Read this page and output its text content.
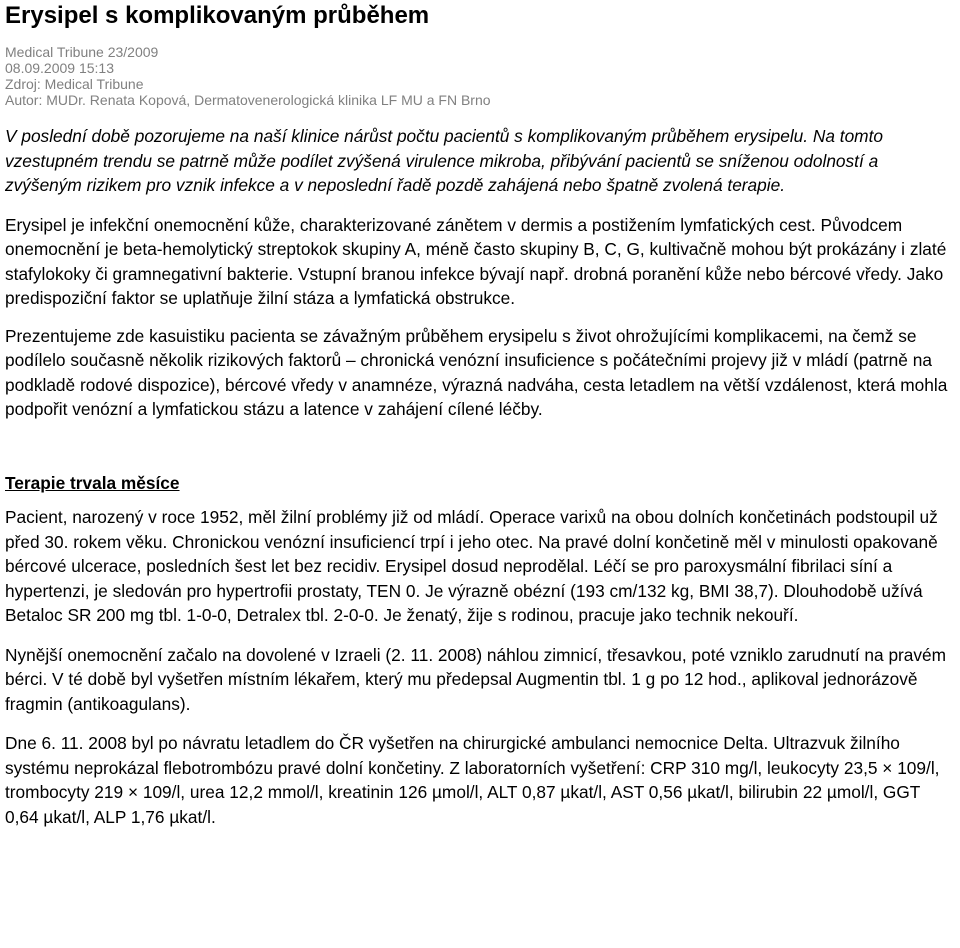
Erysipel s komplikovaným průběhem
Medical Tribune 23/2009
08.09.2009 15:13
Zdroj: Medical Tribune
Autor: MUDr. Renata Kopová, Dermatovenerologická klinika LF MU a FN Brno

V poslední době pozorujeme na naší klinice nárůst počtu pacientů s komplikovaným průběhem erysipelu. Na tomto vzestupném trendu se patrně může podílet zvýšená virulence mikroba, přibývání pacientů se sníženou odolností a zvýšeným rizikem pro vznik infekce a v neposlední řadě pozdě zahájená nebo špatně zvolená terapie.

Erysipel je infekční onemocnění kůže, charakterizované zánětem v dermis a postižením lymfatických cest. Původcem onemocnění je beta-hemolytický streptokok skupiny A, méně často skupiny B, C, G, kultivačně mohou být prokázány i zlaté stafylokoky či gramnegativní bakterie. Vstupní branou infekce bývají např. drobná poranění kůže nebo bércové vředy. Jako predispoziční faktor se uplatňuje žilní stáza a lymfatická obstrukce.

Prezentujeme zde kasuistiku pacienta se závažným průběhem erysipelu s život ohrožujícími komplikacemi, na čemž se podílelo současně několik rizikových faktorů – chronická venózní insuficience s počátečními projevy již v mládí (patrně na podkladě rodové dispozice), bércové vředy v anamnéze, výrazná nadváha, cesta letadlem na větší vzdálenost, která mohla podpořit venózní a lymfatickou stázu a latence v zahájení cílené léčby.

Terapie trvala měsíce

Pacient, narozený v roce 1952, měl žilní problémy již od mládí. Operace varixů na obou dolních končetinách podstoupil už před 30. rokem věku. Chronickou venózní insuficiencí trpí i jeho otec. Na pravé dolní končetině měl v minulosti opakovaně bércové ulcerace, posledních šest let bez recidiv. Erysipel dosud neprodělal. Léčí se pro paroxysmální fibrilaci síní a hypertenzi, je sledován pro hypertrofii prostaty, TEN 0. Je výrazně obézní (193 cm/132 kg, BMI 38,7). Dlouhodobě užívá Betaloc SR 200 mg tbl. 1-0-0, Detralex tbl. 2-0-0. Je ženatý, žije s rodinou, pracuje jako technik nekouří.

Nynější onemocnění začalo na dovolené v Izraeli (2. 11. 2008) náhlou zimnicí, třesavkou, poté vzniklo zarudnutí na pravém bérci. V té době byl vyšetřen místním lékařem, který mu předepsal Augmentin tbl. 1 g po 12 hod., aplikoval jednorázově fragmin (antikoagulans).

Dne 6. 11. 2008 byl po návratu letadlem do ČR vyšetřen na chirurgické ambulanci nemocnice Delta. Ultrazvuk žilního systému neprokázal flebotrombózu pravé dolní končetiny. Z laboratorních vyšetření: CRP 310 mg/l, leukocyty 23,5 × 109/l, trombocyty 219 × 109/l, urea 12,2 mmol/l, kreatinin 126 µmol/l, ALT 0,87 µkat/l, AST 0,56 µkat/l, bilirubin 22 µmol/l, GGT 0,64 µkat/l, ALP 1,76 µkat/l.
